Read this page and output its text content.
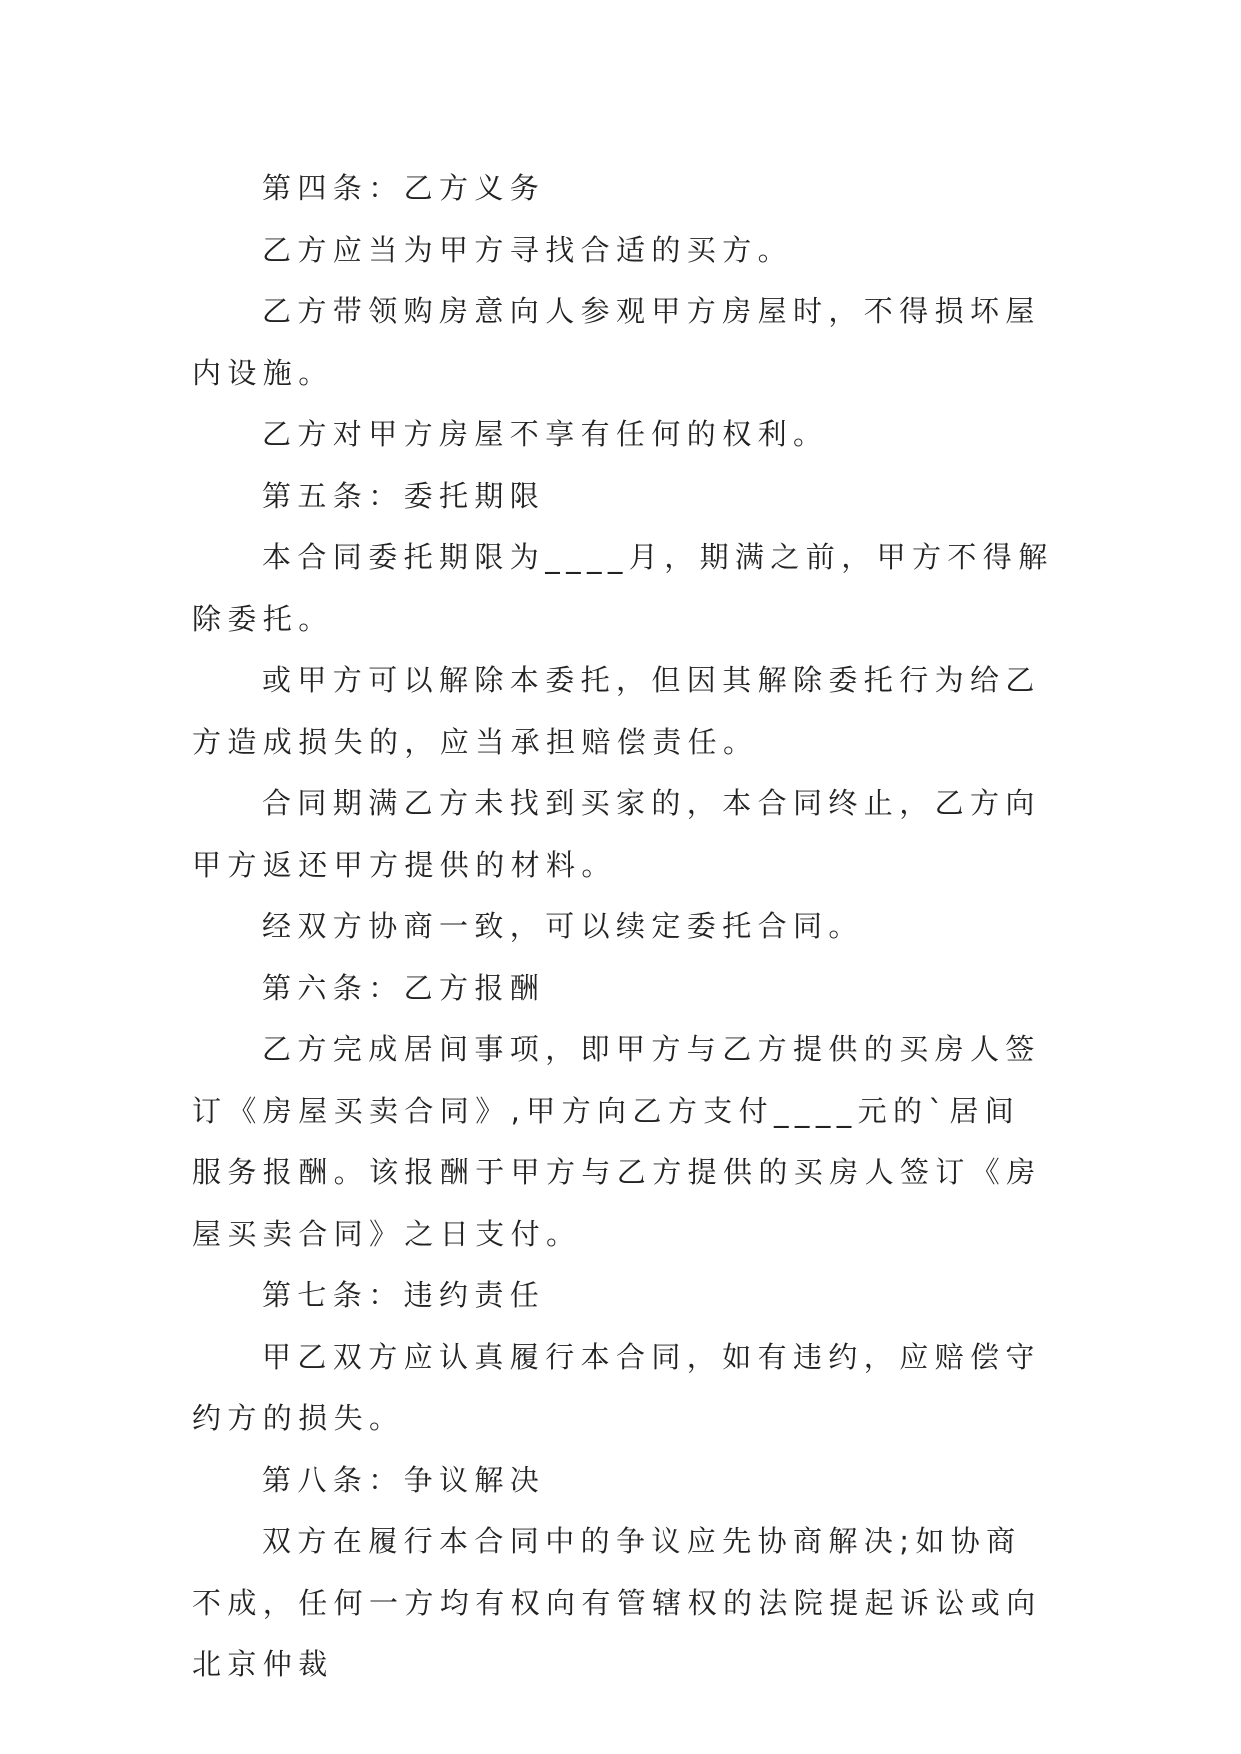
第四条：乙方义务

乙方应当为甲方寻找合适的买方。

乙方带领购房意向人参观甲方房屋时，不得损坏屋内设施。

乙方对甲方房屋不享有任何的权利。

第五条：委托期限

本合同委托期限为____月，期满之前，甲方不得解除委托。

或甲方可以解除本委托，但因其解除委托行为给乙方造成损失的，应当承担赔偿责任。

合同期满乙方未找到买家的，本合同终止，乙方向甲方返还甲方提供的材料。

经双方协商一致，可以续定委托合同。

第六条：乙方报酬

乙方完成居间事项，即甲方与乙方提供的买房人签订《房屋买卖合同》,甲方向乙方支付____元的`居间服务报酬。该报酬于甲方与乙方提供的买房人签订《房屋买卖合同》之日支付。

第七条：违约责任

甲乙双方应认真履行本合同，如有违约，应赔偿守约方的损失。

第八条：争议解决

双方在履行本合同中的争议应先协商解决;如协商不成，任何一方均有权向有管辖权的法院提起诉讼或向北京仲裁
